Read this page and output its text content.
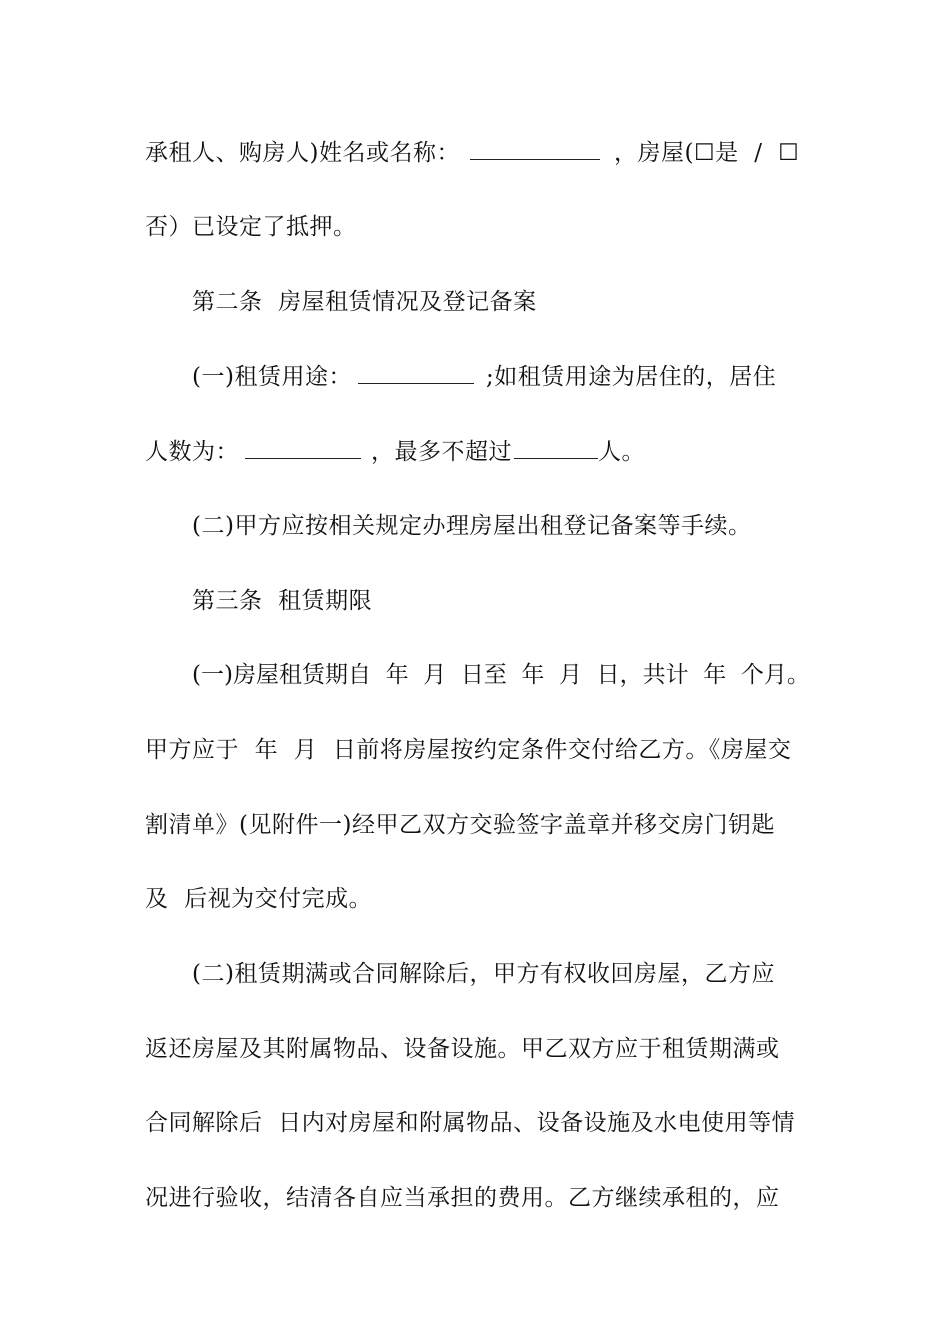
承租人、购房人)姓名或名称：	，房屋(☐是  /  ☐
否）已设定了抵押。
第二条  房屋租赁情况及登记备案
(一)租赁用途：	;如租赁用途为居住的，居住
人数为：	，最多不超过	人。
(二)甲方应按相关规定办理房屋出租登记备案等手续。
第三条  租赁期限
(一)房屋租赁期自  年  月  日至  年  月  日，共计  年  个月。
甲方应于  年  月  日前将房屋按约定条件交付给乙方。《房屋交
割清单》(见附件一)经甲乙双方交验签字盖章并移交房门钥匙
及  后视为交付完成。
(二)租赁期满或合同解除后，甲方有权收回房屋，乙方应
返还房屋及其附属物品、设备设施。甲乙双方应于租赁期满或
合同解除后  日内对房屋和附属物品、设备设施及水电使用等情
况进行验收，结清各自应当承担的费用。乙方继续承租的，应
